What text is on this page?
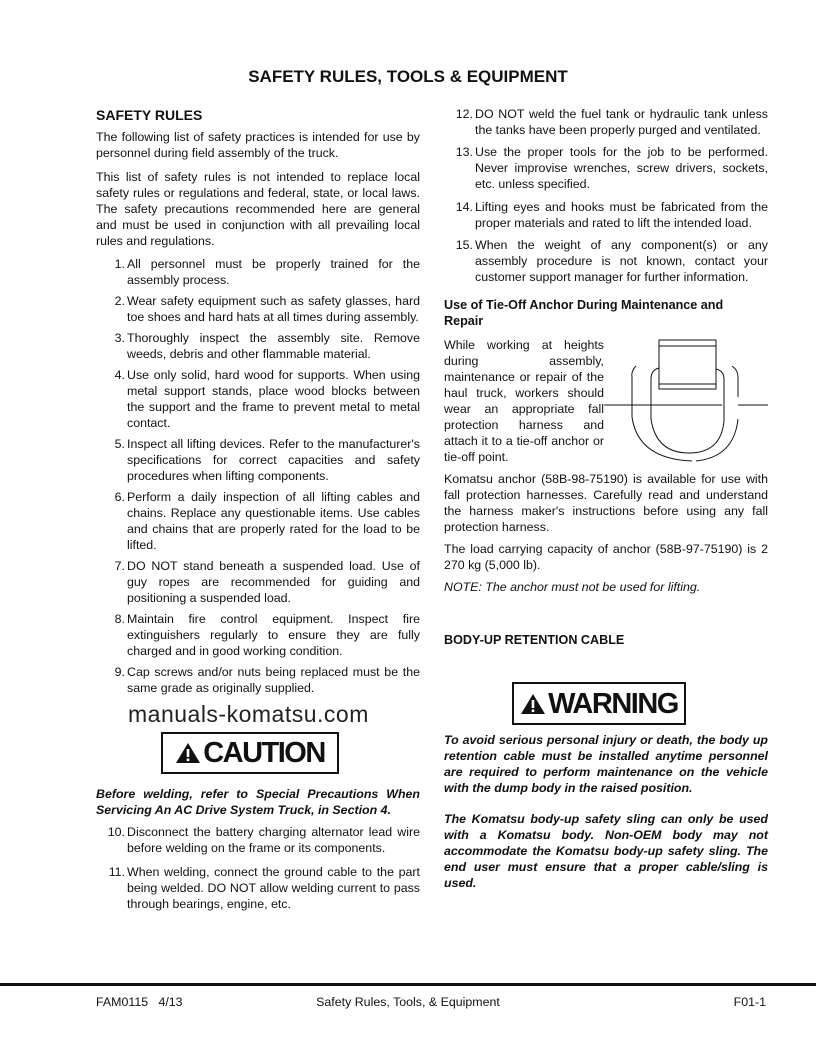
SAFETY RULES, TOOLS & EQUIPMENT
SAFETY RULES

The following list of safety practices is intended for use by personnel during field assembly of the truck.

This list of safety rules is not intended to replace local safety rules or regulations and federal, state, or local laws. The safety precautions recommended here are general and must be used in conjunction with all prevailing local rules and regulations.

1. All personnel must be properly trained for the assembly process.
2. Wear safety equipment such as safety glasses, hard toe shoes and hard hats at all times during assembly.
3. Thoroughly inspect the assembly site. Remove weeds, debris and other flammable material.
4. Use only solid, hard wood for supports. When using metal support stands, place wood blocks between the support and the frame to prevent metal to metal contact.
5. Inspect all lifting devices. Refer to the manufacturer's specifications for correct capacities and safety procedures when lifting components.
6. Perform a daily inspection of all lifting cables and chains. Replace any questionable items. Use cables and chains that are properly rated for the load to be lifted.
7. DO NOT stand beneath a suspended load. Use of guy ropes are recommended for guiding and positioning a suspended load.
8. Maintain fire control equipment. Inspect fire extinguishers regularly to ensure they are fully charged and in good working condition.
9. Cap screws and/or nuts being replaced must be the same grade as originally supplied.
manuals-komatsu.com
CAUTION

Before welding, refer to Special Precautions When Servicing An AC Drive System Truck, in Section 4.

10. Disconnect the battery charging alternator lead wire before welding on the frame or its components.
11. When welding, connect the ground cable to the part being welded. DO NOT allow welding current to pass through bearings, engine, etc.
12. DO NOT weld the fuel tank or hydraulic tank unless the tanks have been properly purged and ventilated.
13. Use the proper tools for the job to be performed. Never improvise wrenches, screw drivers, sockets, etc. unless specified.
14. Lifting eyes and hooks must be fabricated from the proper materials and rated to lift the intended load.
15. When the weight of any component(s) or any assembly procedure is not known, contact your customer support manager for further information.
Use of Tie-Off Anchor During Maintenance and Repair

While working at heights during assembly, maintenance or repair of the haul truck, workers should wear an appropriate fall protection harness and attach it to a tie-off anchor or tie-off point.

Komatsu anchor (58B-98-75190) is available for use with fall protection harnesses. Carefully read and understand the harness maker's instructions before using any fall protection harness.

The load carrying capacity of anchor (58B-97-75190) is 2 270 kg (5,000 lb).

NOTE: The anchor must not be used for lifting.

BODY-UP RETENTION CABLE
WARNING

To avoid serious personal injury or death, the body up retention cable must be installed anytime personnel are required to perform maintenance on the vehicle with the dump body in the raised position.

The Komatsu body-up safety sling can only be used with a Komatsu body. Non-OEM body may not accommodate the Komatsu body-up safety sling. The end user must ensure that a proper cable/sling is used.

FAM0115   4/13	Safety Rules, Tools, & Equipment	F01-1
